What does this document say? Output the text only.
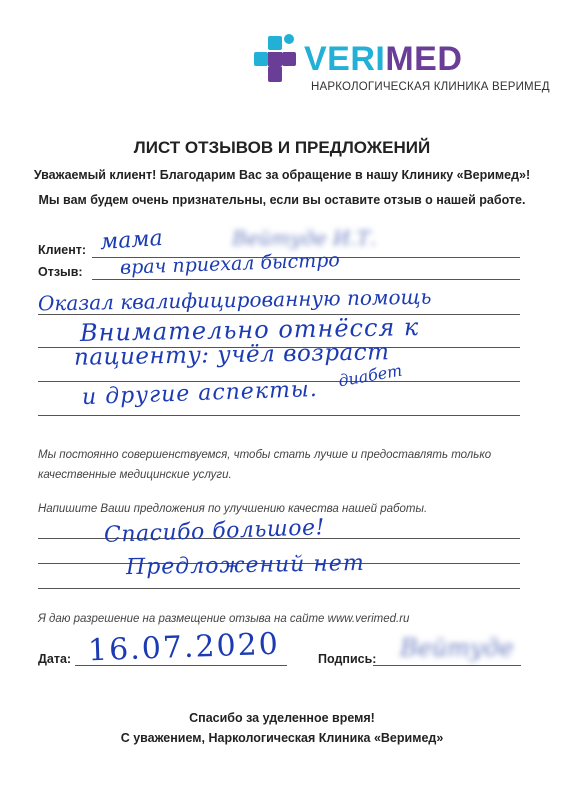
VERIMED
НАРКОЛОГИЧЕСКАЯ КЛИНИКА ВЕРИМЕД
ЛИСТ ОТЗЫВОВ И ПРЕДЛОЖЕНИЙ
Уважаемый клиент! Благодарим Вас за обращение в нашу Клинику «Веримед»!
Мы вам будем очень признательны, если вы оставите отзыв о нашей работе.
Клиент: мама	Вейтуде И.Т.
Отзыв: врач приехал быстро
Оказал квалифицированную помощь
Внимательно отнёсся к
пациенту: учёл возраст
диабет
и другие аспекты.
Мы постоянно совершенствуемся, чтобы стать лучше и предоставлять только
качественные медицинские услуги.
Напишите Ваши предложения по улучшению качества нашей работы.
Спасибо большое!
Предложений нет
Я даю разрешение на размещение отзыва на сайте www.verimed.ru
Дата: 16.07.2020	Подпись: Вейтуде
Спасибо за уделенное время!
С уважением, Наркологическая Клиника «Веримед»
